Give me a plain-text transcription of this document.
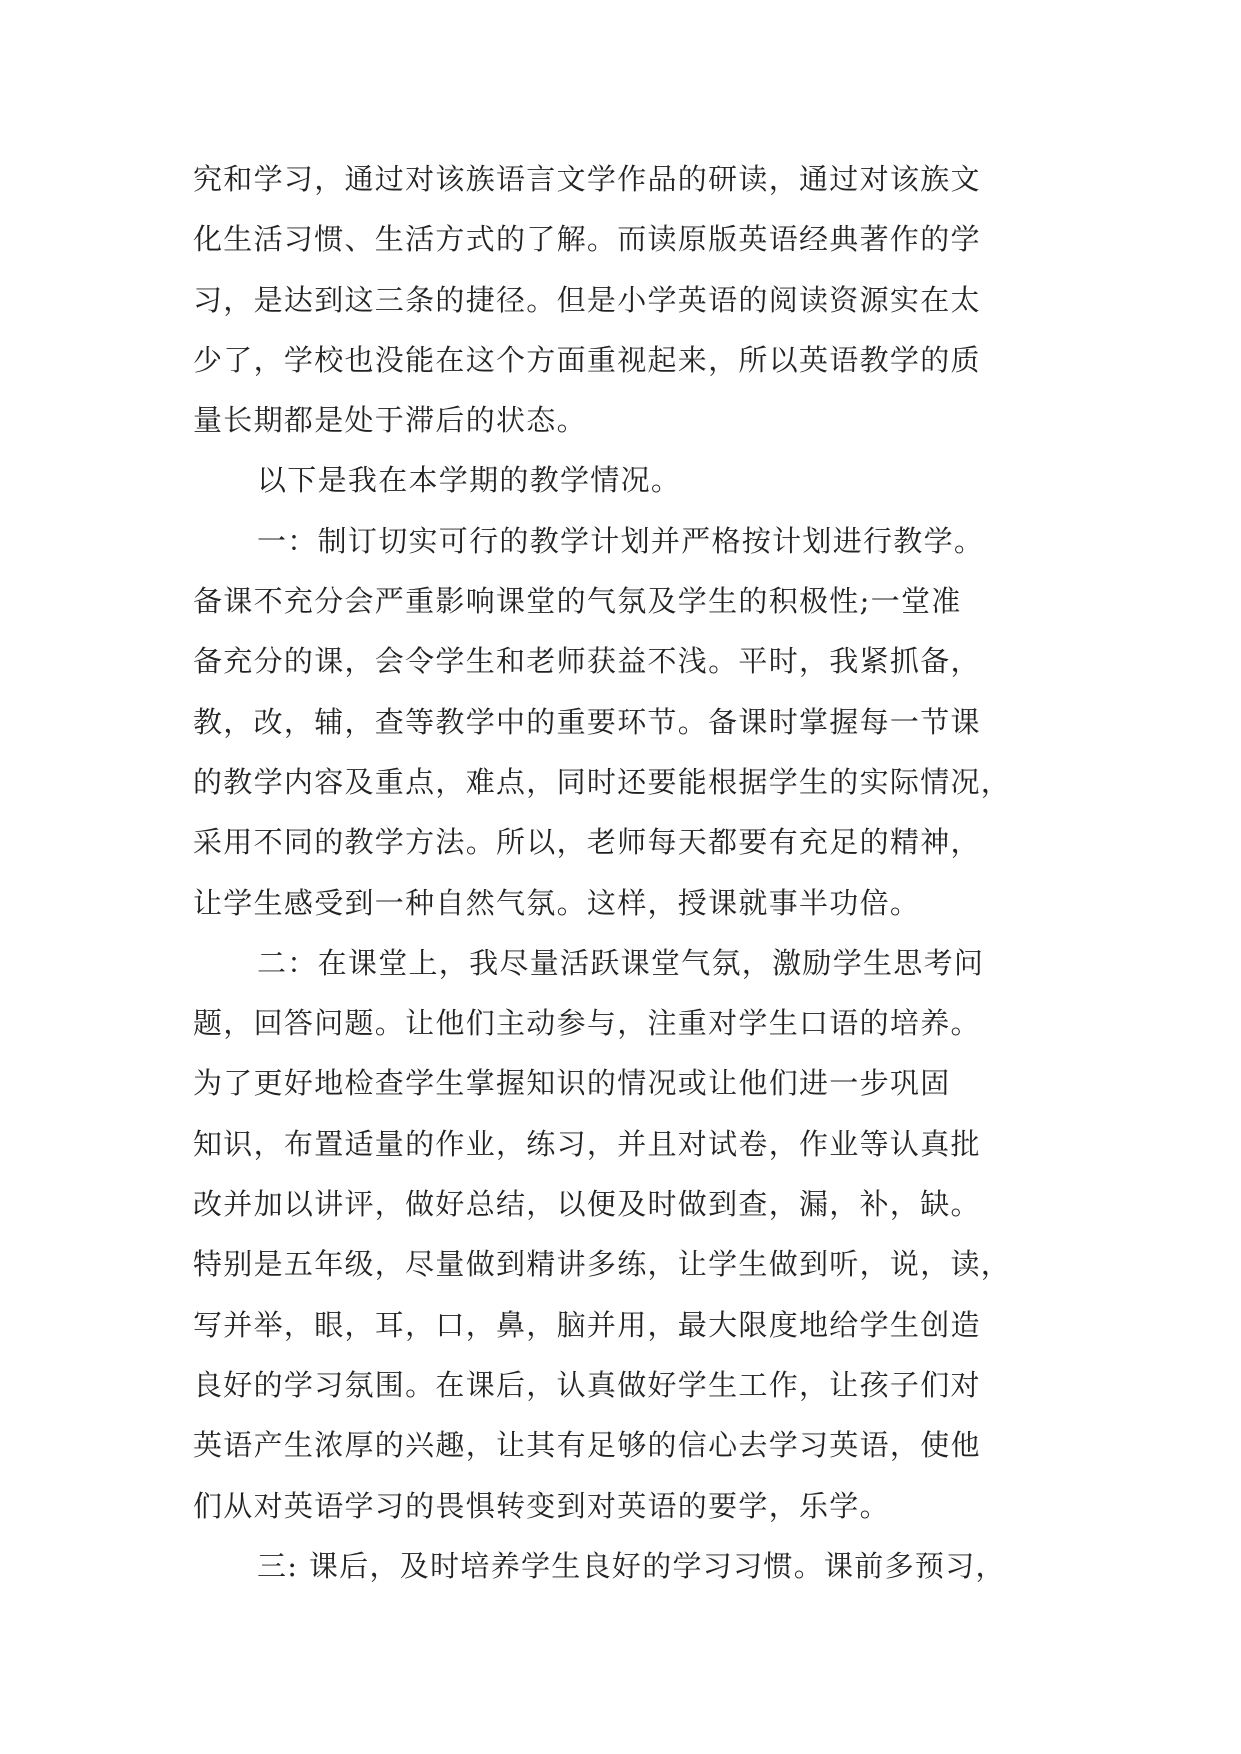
究和学习，通过对该族语言文学作品的研读，通过对该族文
化生活习惯、生活方式的了解。而读原版英语经典著作的学
习，是达到这三条的捷径。但是小学英语的阅读资源实在太
少了，学校也没能在这个方面重视起来，所以英语教学的质
量长期都是处于滞后的状态。
以下是我在本学期的教学情况。
一：制订切实可行的教学计划并严格按计划进行教学。
备课不充分会严重影响课堂的气氛及学生的积极性;一堂准
备充分的课，会令学生和老师获益不浅。平时，我紧抓备，
教，改，辅，查等教学中的重要环节。备课时掌握每一节课
的教学内容及重点，难点，同时还要能根据学生的实际情况，
采用不同的教学方法。所以，老师每天都要有充足的精神，
让学生感受到一种自然气氛。这样，授课就事半功倍。
二：在课堂上，我尽量活跃课堂气氛，激励学生思考问
题，回答问题。让他们主动参与，注重对学生口语的培养。
为了更好地检查学生掌握知识的情况或让他们进一步巩固
知识，布置适量的作业，练习，并且对试卷，作业等认真批
改并加以讲评，做好总结，以便及时做到查，漏，补，缺。
特别是五年级，尽量做到精讲多练，让学生做到听，说，读，
写并举，眼，耳，口，鼻，脑并用，最大限度地给学生创造
良好的学习氛围。在课后，认真做好学生工作，让孩子们对
英语产生浓厚的兴趣，让其有足够的信心去学习英语，使他
们从对英语学习的畏惧转变到对英语的要学，乐学。
三: 课后，及时培养学生良好的学习习惯。课前多预习，
